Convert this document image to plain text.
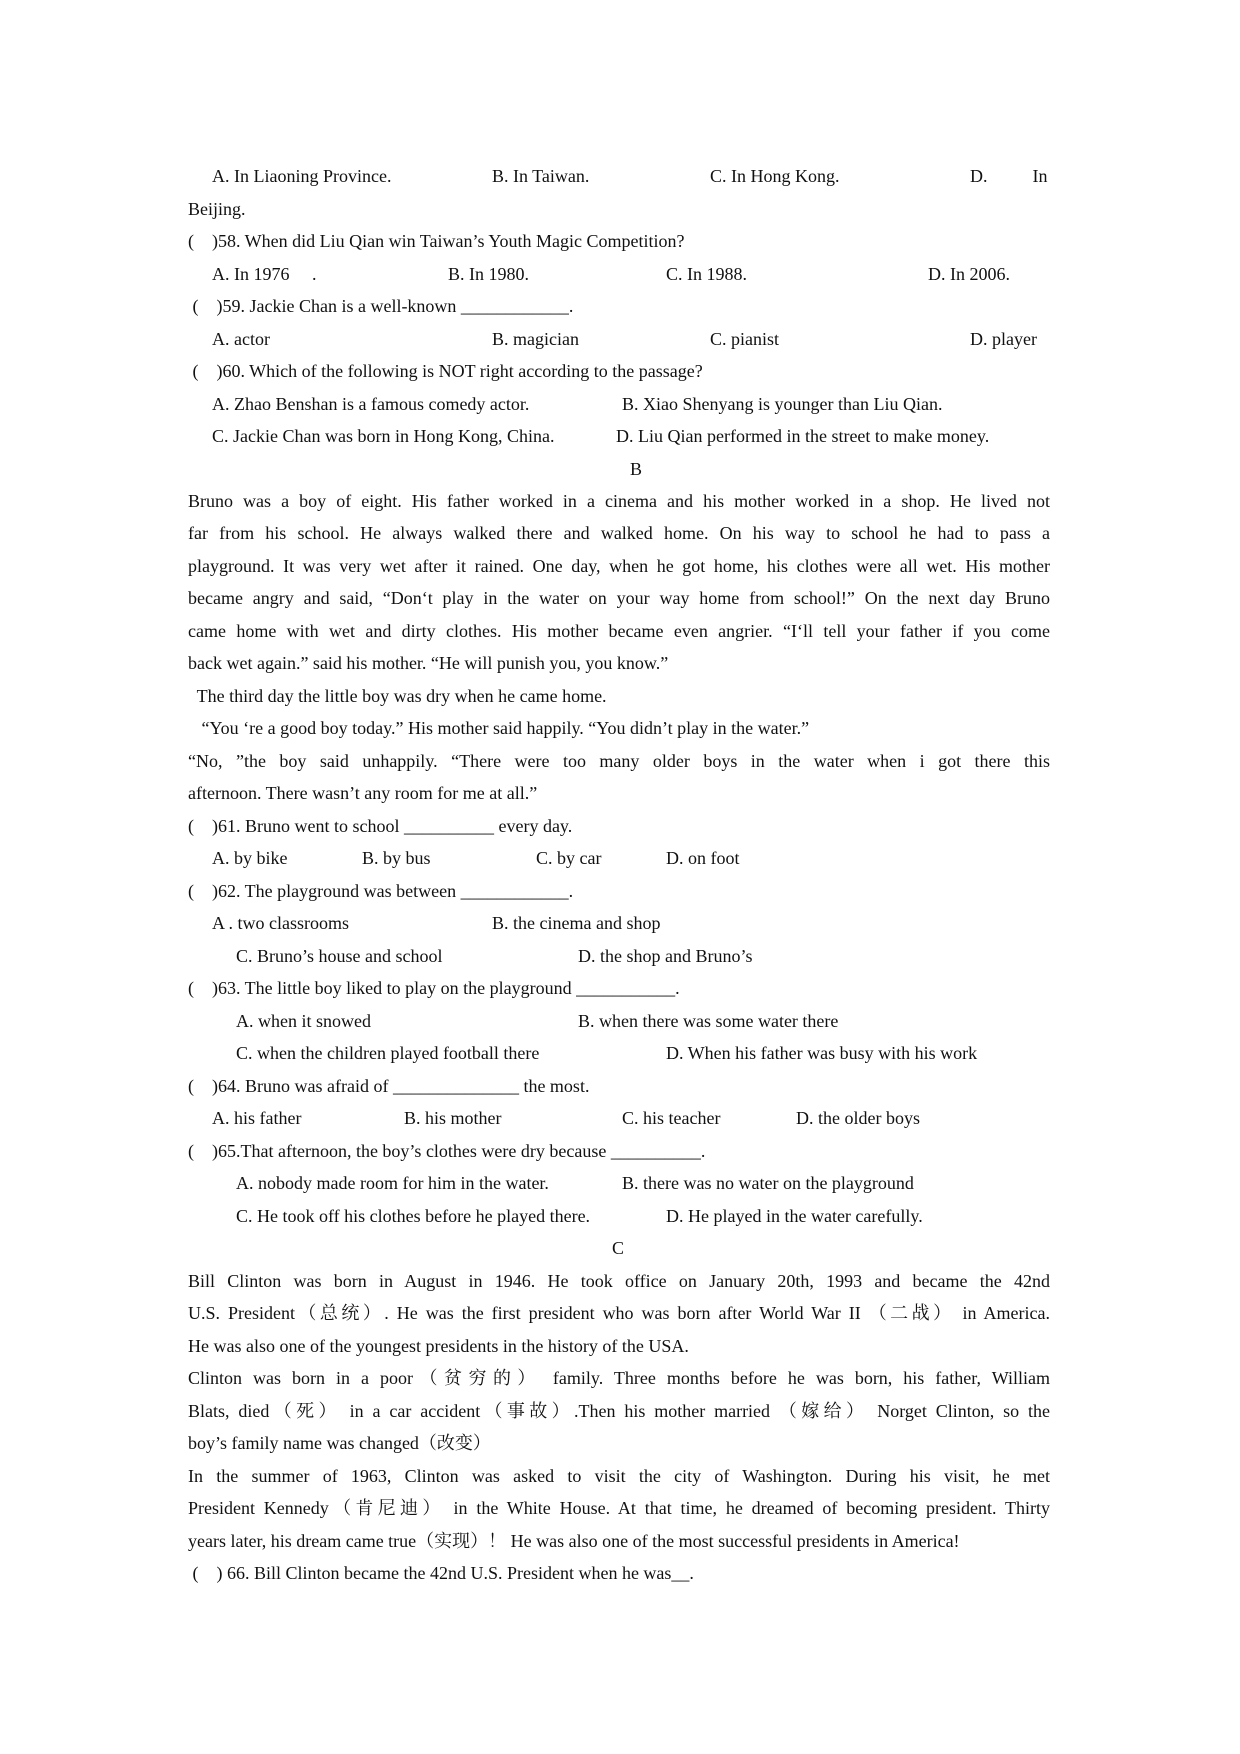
A. In Liaoning Province.	B. In Taiwan.	C. In Hong Kong.	D.          In
Beijing.
(    )58. When did Liu Qian win Taiwan’s Youth Magic Competition?
A. In 1976     .	B. In 1980.	C. In 1988.	D. In 2006.
(    )59. Jackie Chan is a well-known ____________.
A. actor	B. magician	C. pianist	D. player
(    )60. Which of the following is NOT right according to the passage?
A. Zhao Benshan is a famous comedy actor.	B. Xiao Shenyang is younger than Liu Qian.
C. Jackie Chan was born in Hong Kong, China.	D. Liu Qian performed in the street to make money.
B
Bruno was a boy of eight. His father worked in a cinema and his mother worked in a shop. He lived not
far from his school. He always walked there and walked home. On his way to school he had to pass a
playground. It was very wet after it rained. One day, when he got home, his clothes were all wet. His mother
became angry and said, “Don‘t play in the water on your way home from school!” On the next day Bruno
came home with wet and dirty clothes. His mother became even angrier. “I‘ll tell your father if you come
back wet again.” said his mother. “He will punish you, you know.”
The third day the little boy was dry when he came home.
“You ‘re a good boy today.” His mother said happily. “You didn’t play in the water.”
“No, ”the boy said unhappily. “There were too many older boys in the water when i got there this
afternoon. There wasn’t any room for me at all.”
(    )61. Bruno went to school __________ every day.
A. by bike	B. by bus	C. by car	D. on foot
(    )62. The playground was between ____________.
A . two classrooms	B. the cinema and shop
C. Bruno’s house and school	D. the shop and Bruno’s
(    )63. The little boy liked to play on the playground ___________.
A. when it snowed	B. when there was some water there
C. when the children played football there	D. When his father was busy with his work
(    )64. Bruno was afraid of ______________ the most.
A. his father	B. his mother	C. his teacher	D. the older boys
(    )65.That afternoon, the boy’s clothes were dry because __________.
A. nobody made room for him in the water.	B. there was no water on the playground
C. He took off his clothes before he played there.	D. He played in the water carefully.
C
Bill Clinton was born in August in 1946. He took office on January 20th, 1993 and became the 42nd
U.S. President（总统）. He was the first president who was born after World War II （二战） in America.
He was also one of the youngest presidents in the history of the USA.
Clinton was born in a poor（贫穷的） family. Three months before he was born, his father, William
Blats, died（死） in a car accident（事故）.Then his mother married （嫁给） Norget Clinton, so the
boy’s family name was changed（改变）
In the summer of 1963, Clinton was asked to visit the city of Washington. During his visit, he met
President Kennedy（肯尼迪） in the White House. At that time, he dreamed of becoming president. Thirty
years later, his dream came true（实现）！ He was also one of the most successful presidents in America!
(    ) 66. Bill Clinton became the 42nd U.S. President when he was__.
